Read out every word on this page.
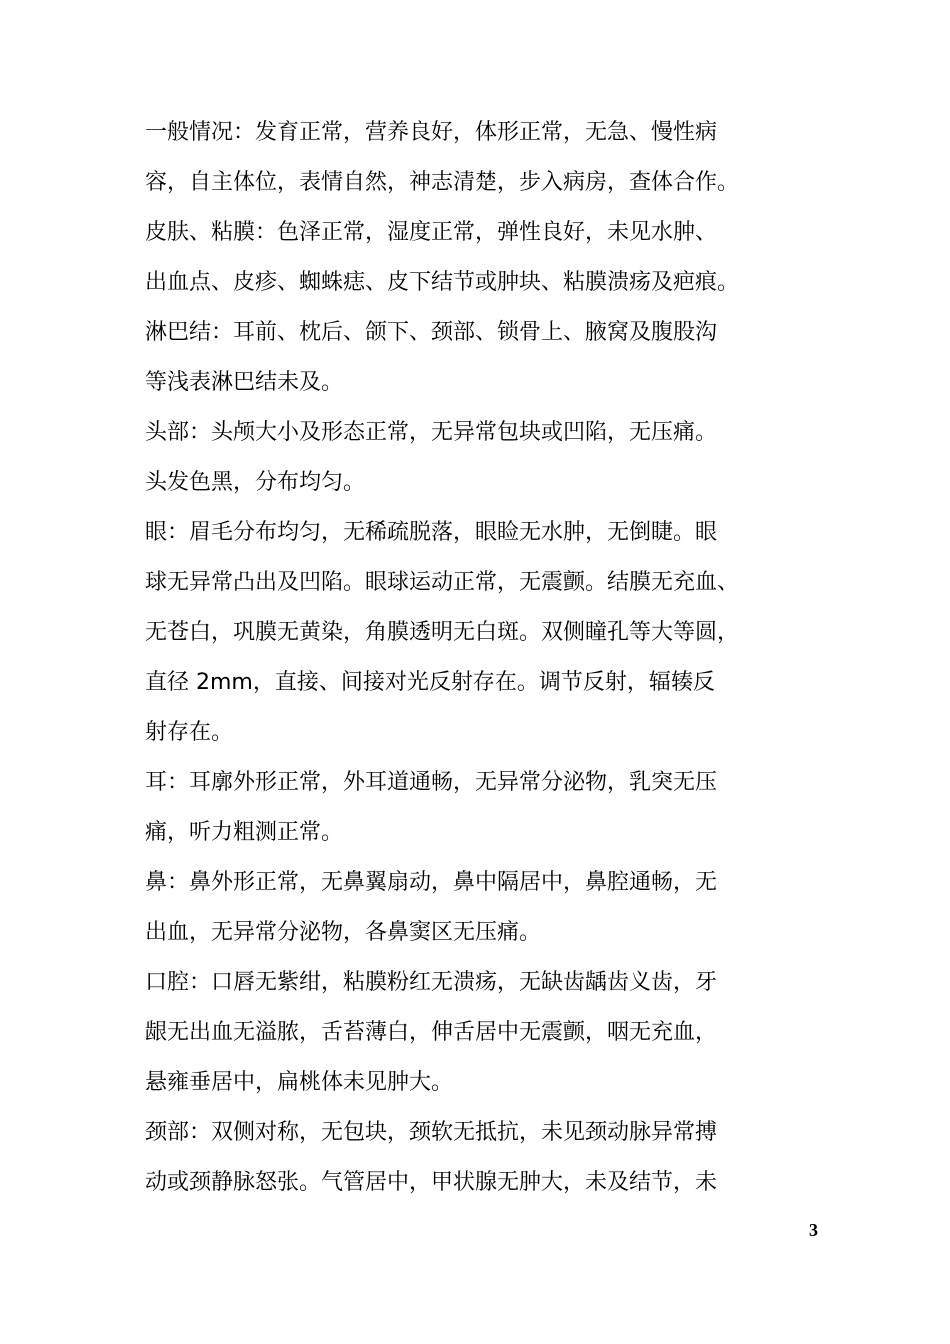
一般情况：发育正常，营养良好，体形正常，无急、慢性病
容，自主体位，表情自然，神志清楚，步入病房，查体合作。
皮肤、粘膜：色泽正常，湿度正常，弹性良好，未见水肿、
出血点、皮疹、蜘蛛痣、皮下结节或肿块、粘膜溃疡及疤痕。
淋巴结：耳前、枕后、颌下、颈部、锁骨上、腋窝及腹股沟
等浅表淋巴结未及。
头部：头颅大小及形态正常，无异常包块或凹陷，无压痛。
头发色黑，分布均匀。
眼：眉毛分布均匀，无稀疏脱落，眼睑无水肿，无倒睫。眼
球无异常凸出及凹陷。眼球运动正常，无震颤。结膜无充血、
无苍白，巩膜无黄染，角膜透明无白斑。双侧瞳孔等大等圆，
直径 2mm，直接、间接对光反射存在。调节反射，辐辏反
射存在。
耳：耳廓外形正常，外耳道通畅，无异常分泌物，乳突无压
痛，听力粗测正常。
鼻：鼻外形正常，无鼻翼扇动，鼻中隔居中，鼻腔通畅，无
出血，无异常分泌物，各鼻窦区无压痛。
口腔：口唇无紫绀，粘膜粉红无溃疡，无缺齿龋齿义齿，牙
龈无出血无溢脓，舌苔薄白，伸舌居中无震颤，咽无充血，
悬雍垂居中，扁桃体未见肿大。
颈部：双侧对称，无包块，颈软无抵抗，未见颈动脉异常搏
动或颈静脉怒张。气管居中，甲状腺无肿大，未及结节，未
3
